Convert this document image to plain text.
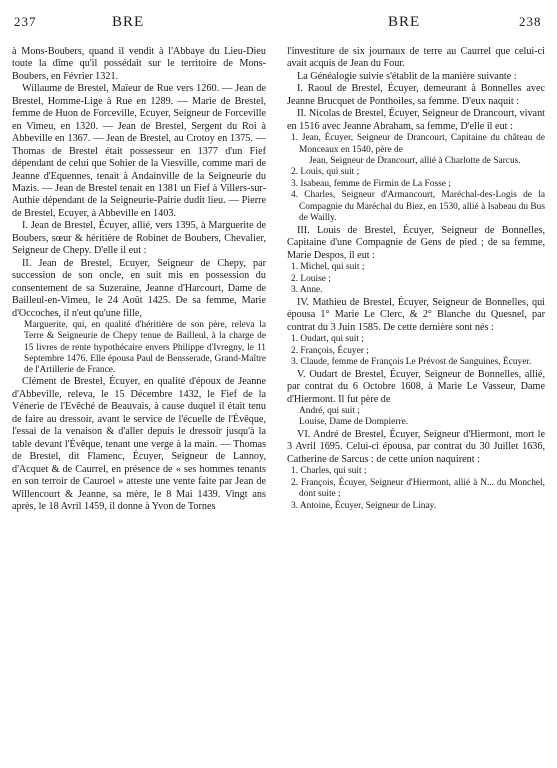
237	BRE	BRE	238

à Mons-Boubers, quand il vendit à l'Abbaye du Lieu-Dieu toute la dîme qu'il possédait sur le territoire de Mons-Boubers, en Février 1321.

Willaume de Brestel, Maïeur de Rue vers 1260. — Jean de Brestel, Homme-Lige à Rue en 1289. — Marie de Brestel, femme de Huon de Forceville, Ecuyer, Seigneur de Forceville en Vimeu, en 1320. — Jean de Brestel, Sergent du Roi à Abbeville en 1367. — Jean de Brestel, au Crotoy en 1375. — Thomas de Brestel était possesseur en 1377 d'un Fief dépendant de celui que Sohier de la Viesville, comme mari de Jeanne d'Equennes, tenait à Andainville de la Seigneurie du Mazis. — Jean de Brestel tenait en 1381 un Fief à Villers-sur-Authie dépendant de la Seigneurie-Pairie dudit lieu. — Pierre de Brestel, Ecuyer, à Abbeville en 1403.

I. Jean de Brestel, Écuyer, allié, vers 1395, à Marguerite de Boubers, sœur & héritière de Robinet de Boubers, Chevalier, Seigneur de Chepy. D'elle il eut :

II. Jean de Brestel, Ecuyer, Seigneur de Chepy, par succession de son oncle, en suit mis en possession du consentement de sa Suzeraine, Jeanne d'Harcourt, Dame de Bailleul-en-Vimeu, le 24 Août 1425. De sa femme, Marie d'Occoches, il n'eut qu'une fille,

Marguerite, qui, en qualité d'héritière de son père, releva la Terre & Seigneurie de Chepy tenue de Bailleul, à la charge de 15 livres de rente hypothécaire envers Philippe d'Ivregny, le 11 Septembre 1476. Elle épousa Paul de Bensserade, Grand-Maître de l'Artillerie de France.

Clément de Brestel, Écuyer, en qualité d'époux de Jeanne d'Abbeville, releva, le 15 Décembre 1432, le Fief de la Vénerie de l'Evêché de Beauvais, à cause duquel il était tenu de faire au dressoir, avant le service de l'écuelle de l'Évêque, l'essai de la venaison & d'aller depuis le dressoir jusqu'à la table devant l'Évêque, tenant une verge à la main. — Thomas de Brestel, dit Flamenc, Écuyer, Seigneur de Lannoy, d'Acquet & de Caurrel, en présence de « ses hommes tenants en son terroir de Cauroel » atteste une vente faite par Jean de Willencourt & Jeanne, sa mère, le 8 Mai 1439. Vingt ans après, le 18 Avril 1459, il donne à Yvon de Tornes

l'investiture de six journaux de terre au Caurrel que celui-ci avait acquis de Jean du Four.

La Généalogie suivie s'établit de la manière suivante :

I. Raoul de Brestel, Écuyer, demeurant à Bonnelles avec Jeanne Brucquet de Ponthoiles, sa femme. D'eux naquit :

II. Nicolas de Brestel, Écuyer, Seigneur de Drancourt, vivant en 1516 avec Jeanne Abraham, sa femme, D'elle il eut :

1. Jean, Écuyer, Seigneur de Drancourt, Capitaine du château de Monceaux en 1540, père de

Jean, Seigneur de Drancourt, allié à Charlotte de Sarcus.

2. Louis, qui suit ;

3. Isabeau, femme de Firmin de La Fosse ;

4. Charles, Seigneur d'Armancourt, Maréchal-des-Logis de la Compagnie du Maréchal du Biez, en 1530, allié à Isabeau du Bus de Wailly.

III. Louis de Brestel, Écuyer, Seigneur de Bonnelles, Capitaine d'une Compagnie de Gens de pied ; de sa femme, Marie Despos, il eut :

1. Michel, qui suit ;

2. Louise ;

3. Anne.

IV. Mathieu de Brestel, Écuyer, Seigneur de Bonnelles, qui épousa 1° Marie Le Clerc, & 2° Blanche du Quesnel, par contrat du 3 Juin 1585. De cette dernière sont nés :

1. Oudart, qui suit ;

2. François, Écuyer ;

3. Claude, femme de François Le Prévost de Sanguines, Écuyer.

V. Oudart de Brestel, Écuyer, Seigneur de Bonnelles, allié, par contrat du 6 Octobre 1608, à Marie Le Vasseur, Dame d'Hiermont. Il fut père de

André, qui suit ;

Louise, Dame de Dompierre.

VI. André de Brestel, Écuyer, Seigneur d'Hiermont, mort le 3 Avril 1695. Celui-ci épousa, par contrat du 30 Juillet 1636, Catherine de Sarcus : de cette union naquirent :

1. Charles, qui suit ;

2. François, Écuyer, Seigneur d'Hiermont, allié à N... du Monchel, dont suite ;

3. Antoine, Écuyer, Seigneur de Linay.
